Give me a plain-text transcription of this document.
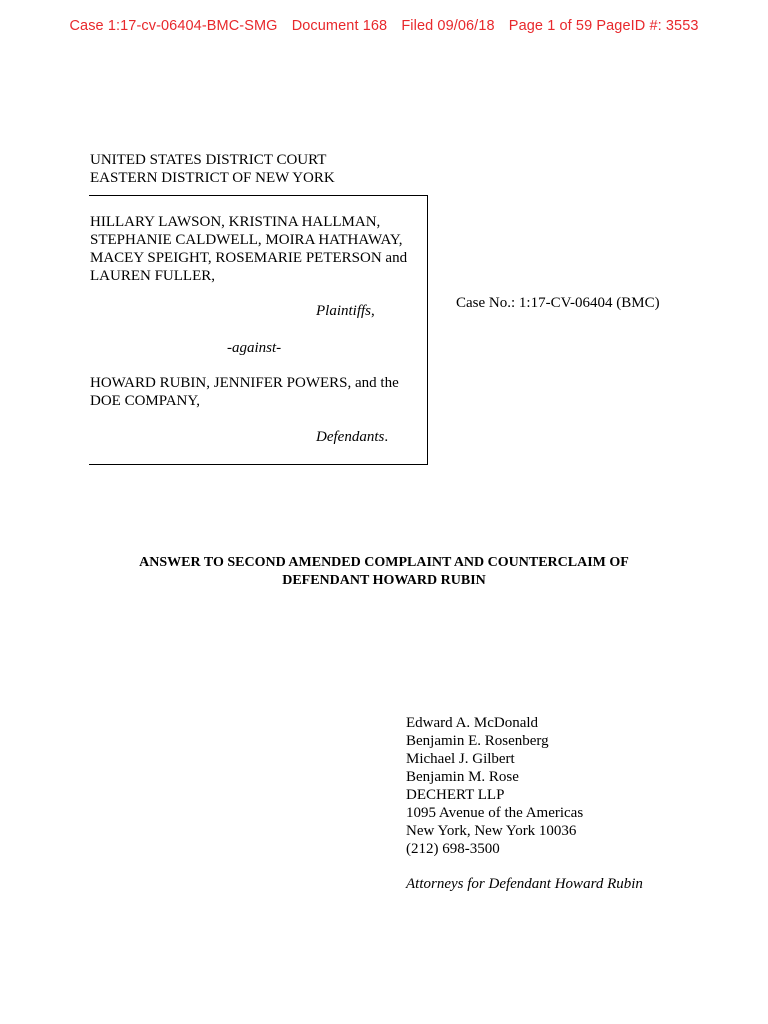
Case 1:17-cv-06404-BMC-SMG Document 168 Filed 09/06/18 Page 1 of 59 PageID #: 3553
UNITED STATES DISTRICT COURT
EASTERN DISTRICT OF NEW YORK
HILLARY LAWSON, KRISTINA HALLMAN,
STEPHANIE CALDWELL, MOIRA HATHAWAY,
MACEY SPEIGHT, ROSEMARIE PETERSON and
LAUREN FULLER,
Plaintiffs,
-against-
HOWARD RUBIN, JENNIFER POWERS, and the
DOE COMPANY,
Defendants.
Case No.: 1:17-CV-06404 (BMC)
ANSWER TO SECOND AMENDED COMPLAINT AND COUNTERCLAIM OF
DEFENDANT HOWARD RUBIN
Edward A. McDonald
Benjamin E. Rosenberg
Michael J. Gilbert
Benjamin M. Rose
DECHERT LLP
1095 Avenue of the Americas
New York, New York 10036
(212) 698-3500
Attorneys for Defendant Howard Rubin
